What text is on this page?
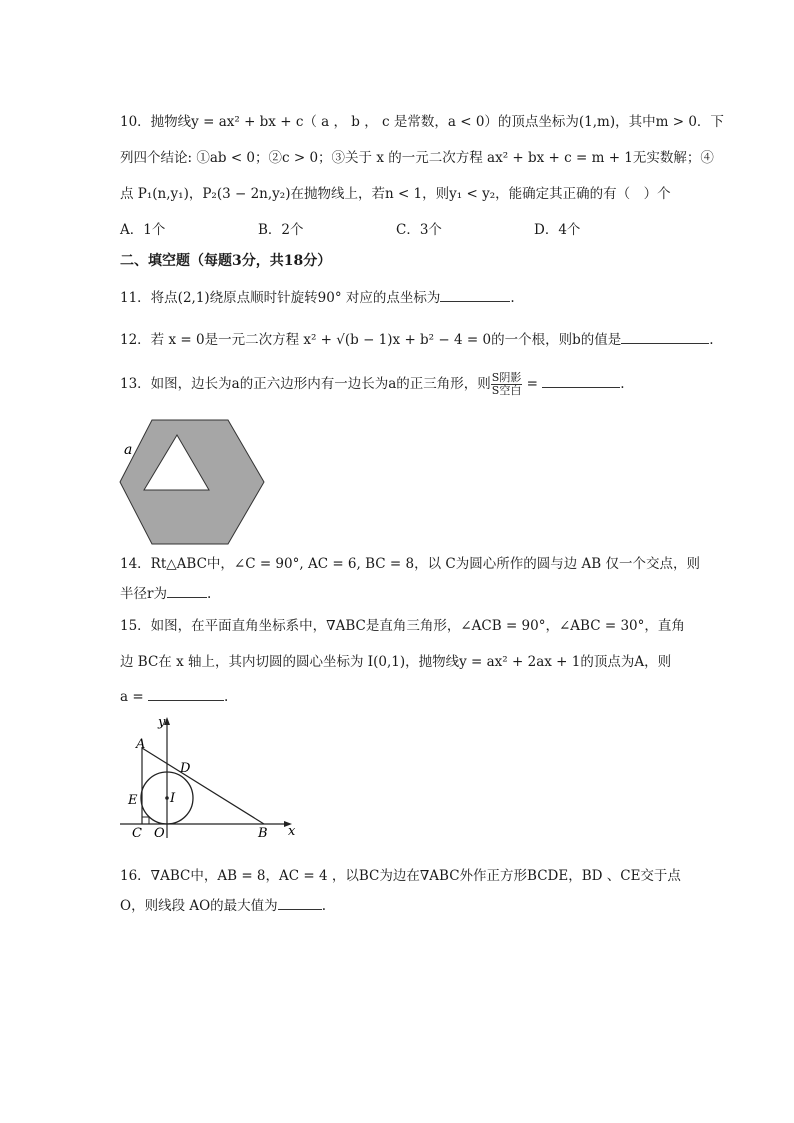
10．抛物线y = ax² + bx + c（ a ， b ， c 是常数，a < 0）的顶点坐标为(1,m)，其中m > 0．下
列四个结论: ①ab < 0；②c > 0；③关于 x 的一元二次方程 ax² + bx + c = m + 1无实数解；④
点 P₁(n,y₁)，P₂(3 − 2n,y₂)在抛物线上，若n < 1，则y₁ < y₂，能确定其正确的有（　）个
A．1个	B．2个	C．3个	D．4个
二、填空题（每题3分，共18分）
11．将点(2,1)绕原点顺时针旋转90° 对应的点坐标为	.
12．若 x = 0是一元二次方程 x² + √(b − 1)x + b² − 4 = 0的一个根，则b的值是	.
13．如图，边长为a的正六边形内有一边长为a的正三角形，则 $\frac{\text{S阴影}}{\text{S空白}}$ =	.
a
14．Rt△ABC中，∠C = 90°, AC = 6, BC = 8，以 C为圆心所作的圆与边 AB 仅一个交点，则
半径r为	.
15．如图，在平面直角坐标系中，∇ABC是直角三角形，∠ACB = 90°，∠ABC = 30°，直角
边 BC在 x 轴上，其内切圆的圆心坐标为 I(0,1)，抛物线y = ax² + 2ax + 1的顶点为A，则
a =	.
y
x
A
D
E	I
C O	B
16．∇ABC中，AB = 8，AC = 4 ，以BC为边在∇ABC外作正方形BCDE，BD 、CE交于点
O，则线段 AO的最大值为	.
